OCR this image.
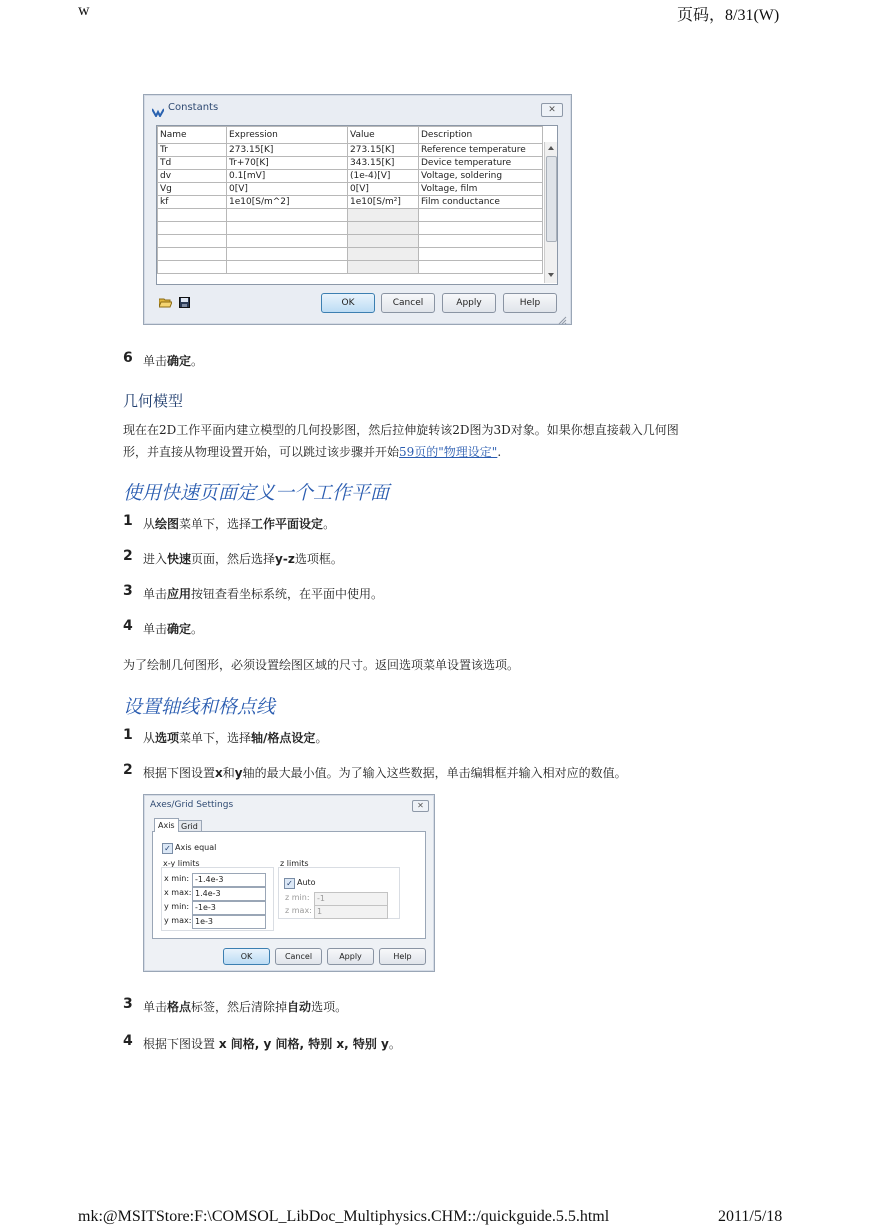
w	页码，8/31(W)
Constants	✕
Name	Expression	Value	Description
Tr	273.15[K]	273.15[K]	Reference temperature
Td	Tr+70[K]	343.15[K]	Device temperature
dv	0.1[mV]	(1e-4)[V]	Voltage, soldering
Vg	0[V]	0[V]	Voltage, film
kf	1e10[S/m^2]	1e10[S/m²]	Film conductance

OK	Cancel	Apply	Help
6 单击确定。
几何模型
现在在2D工作平面内建立模型的几何投影图，然后拉伸旋转该2D图为3D对象。如果你想直接载入几何图
形，并直接从物理设置开始，可以跳过该步骤并开始59页的"物理设定".
使用快速页面定义一个工作平面
1 从绘图菜单下，选择工作平面设定。
2 进入快速页面，然后选择y-z选项框。
3 单击应用按钮查看坐标系统，在平面中使用。
4 单击确定。
为了绘制几何图形，必须设置绘图区域的尺寸。返回选项菜单设置该选项。
设置轴线和格点线
1 从选项菜单下，选择轴/格点设定。
2 根据下图设置x和y轴的最大最小值。为了输入这些数据，单击编辑框并输入相对应的数值。
Axes/Grid Settings	✕
Axis Grid
✓ Axis equal
x-y limits
x min: -1.4e-3
x max: 1.4e-3
y min: -1e-3
y max: 1e-3
z limits
✓ Auto
z min: -1
z max: 1
OK	Cancel	Apply	Help
3 单击格点标签，然后清除掉自动选项。
4 根据下图设置 x 间格, y 间格, 特别 x, 特别 y。
mk:@MSITStore:F:\COMSOL_LibDoc_Multiphysics.CHM::/quickguide.5.5.html	2011/5/18
